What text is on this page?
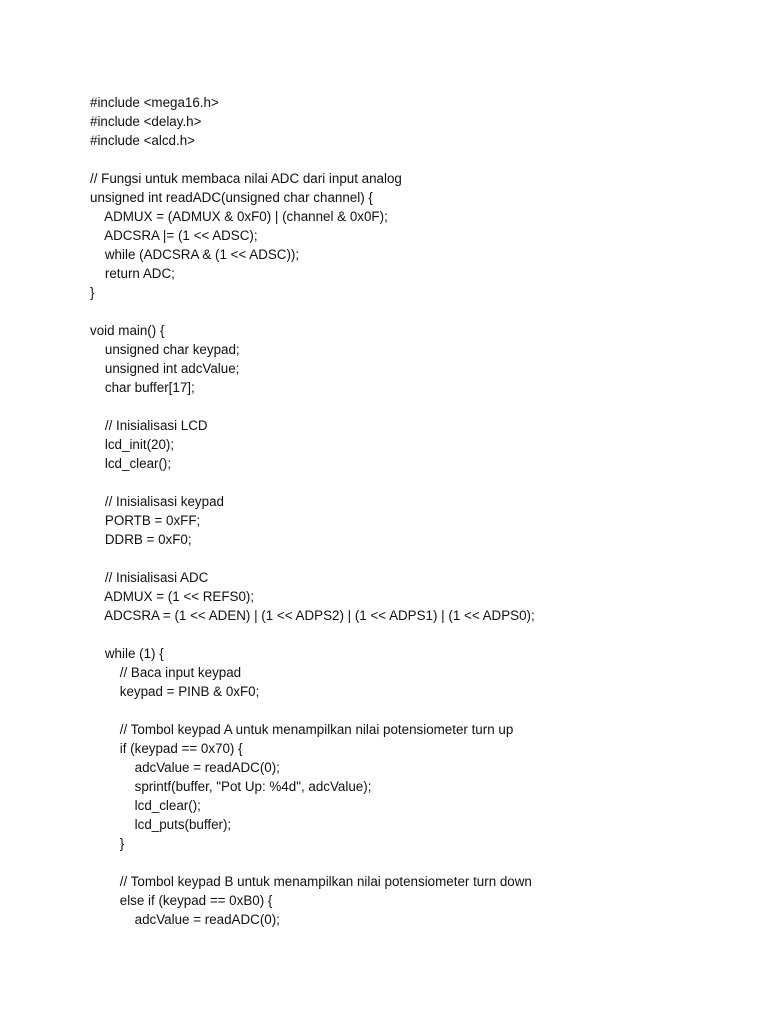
#include <mega16.h>
#include <delay.h>
#include <alcd.h>
// Fungsi untuk membaca nilai ADC dari input analog
unsigned int readADC(unsigned char channel) {
ADMUX = (ADMUX & 0xF0) | (channel & 0x0F);
ADCSRA |= (1 << ADSC);
while (ADCSRA & (1 << ADSC));
return ADC;
}
void main() {
unsigned char keypad;
unsigned int adcValue;
char buffer[17];
// Inisialisasi LCD
lcd_init(20);
lcd_clear();
// Inisialisasi keypad
PORTB = 0xFF;
DDRB = 0xF0;
// Inisialisasi ADC
ADMUX = (1 << REFS0);
ADCSRA = (1 << ADEN) | (1 << ADPS2) | (1 << ADPS1) | (1 << ADPS0);
while (1) {
// Baca input keypad
keypad = PINB & 0xF0;
// Tombol keypad A untuk menampilkan nilai potensiometer turn up
if (keypad == 0x70) {
adcValue = readADC(0);
sprintf(buffer, "Pot Up: %4d", adcValue);
lcd_clear();
lcd_puts(buffer);
}
// Tombol keypad B untuk menampilkan nilai potensiometer turn down
else if (keypad == 0xB0) {
adcValue = readADC(0);
